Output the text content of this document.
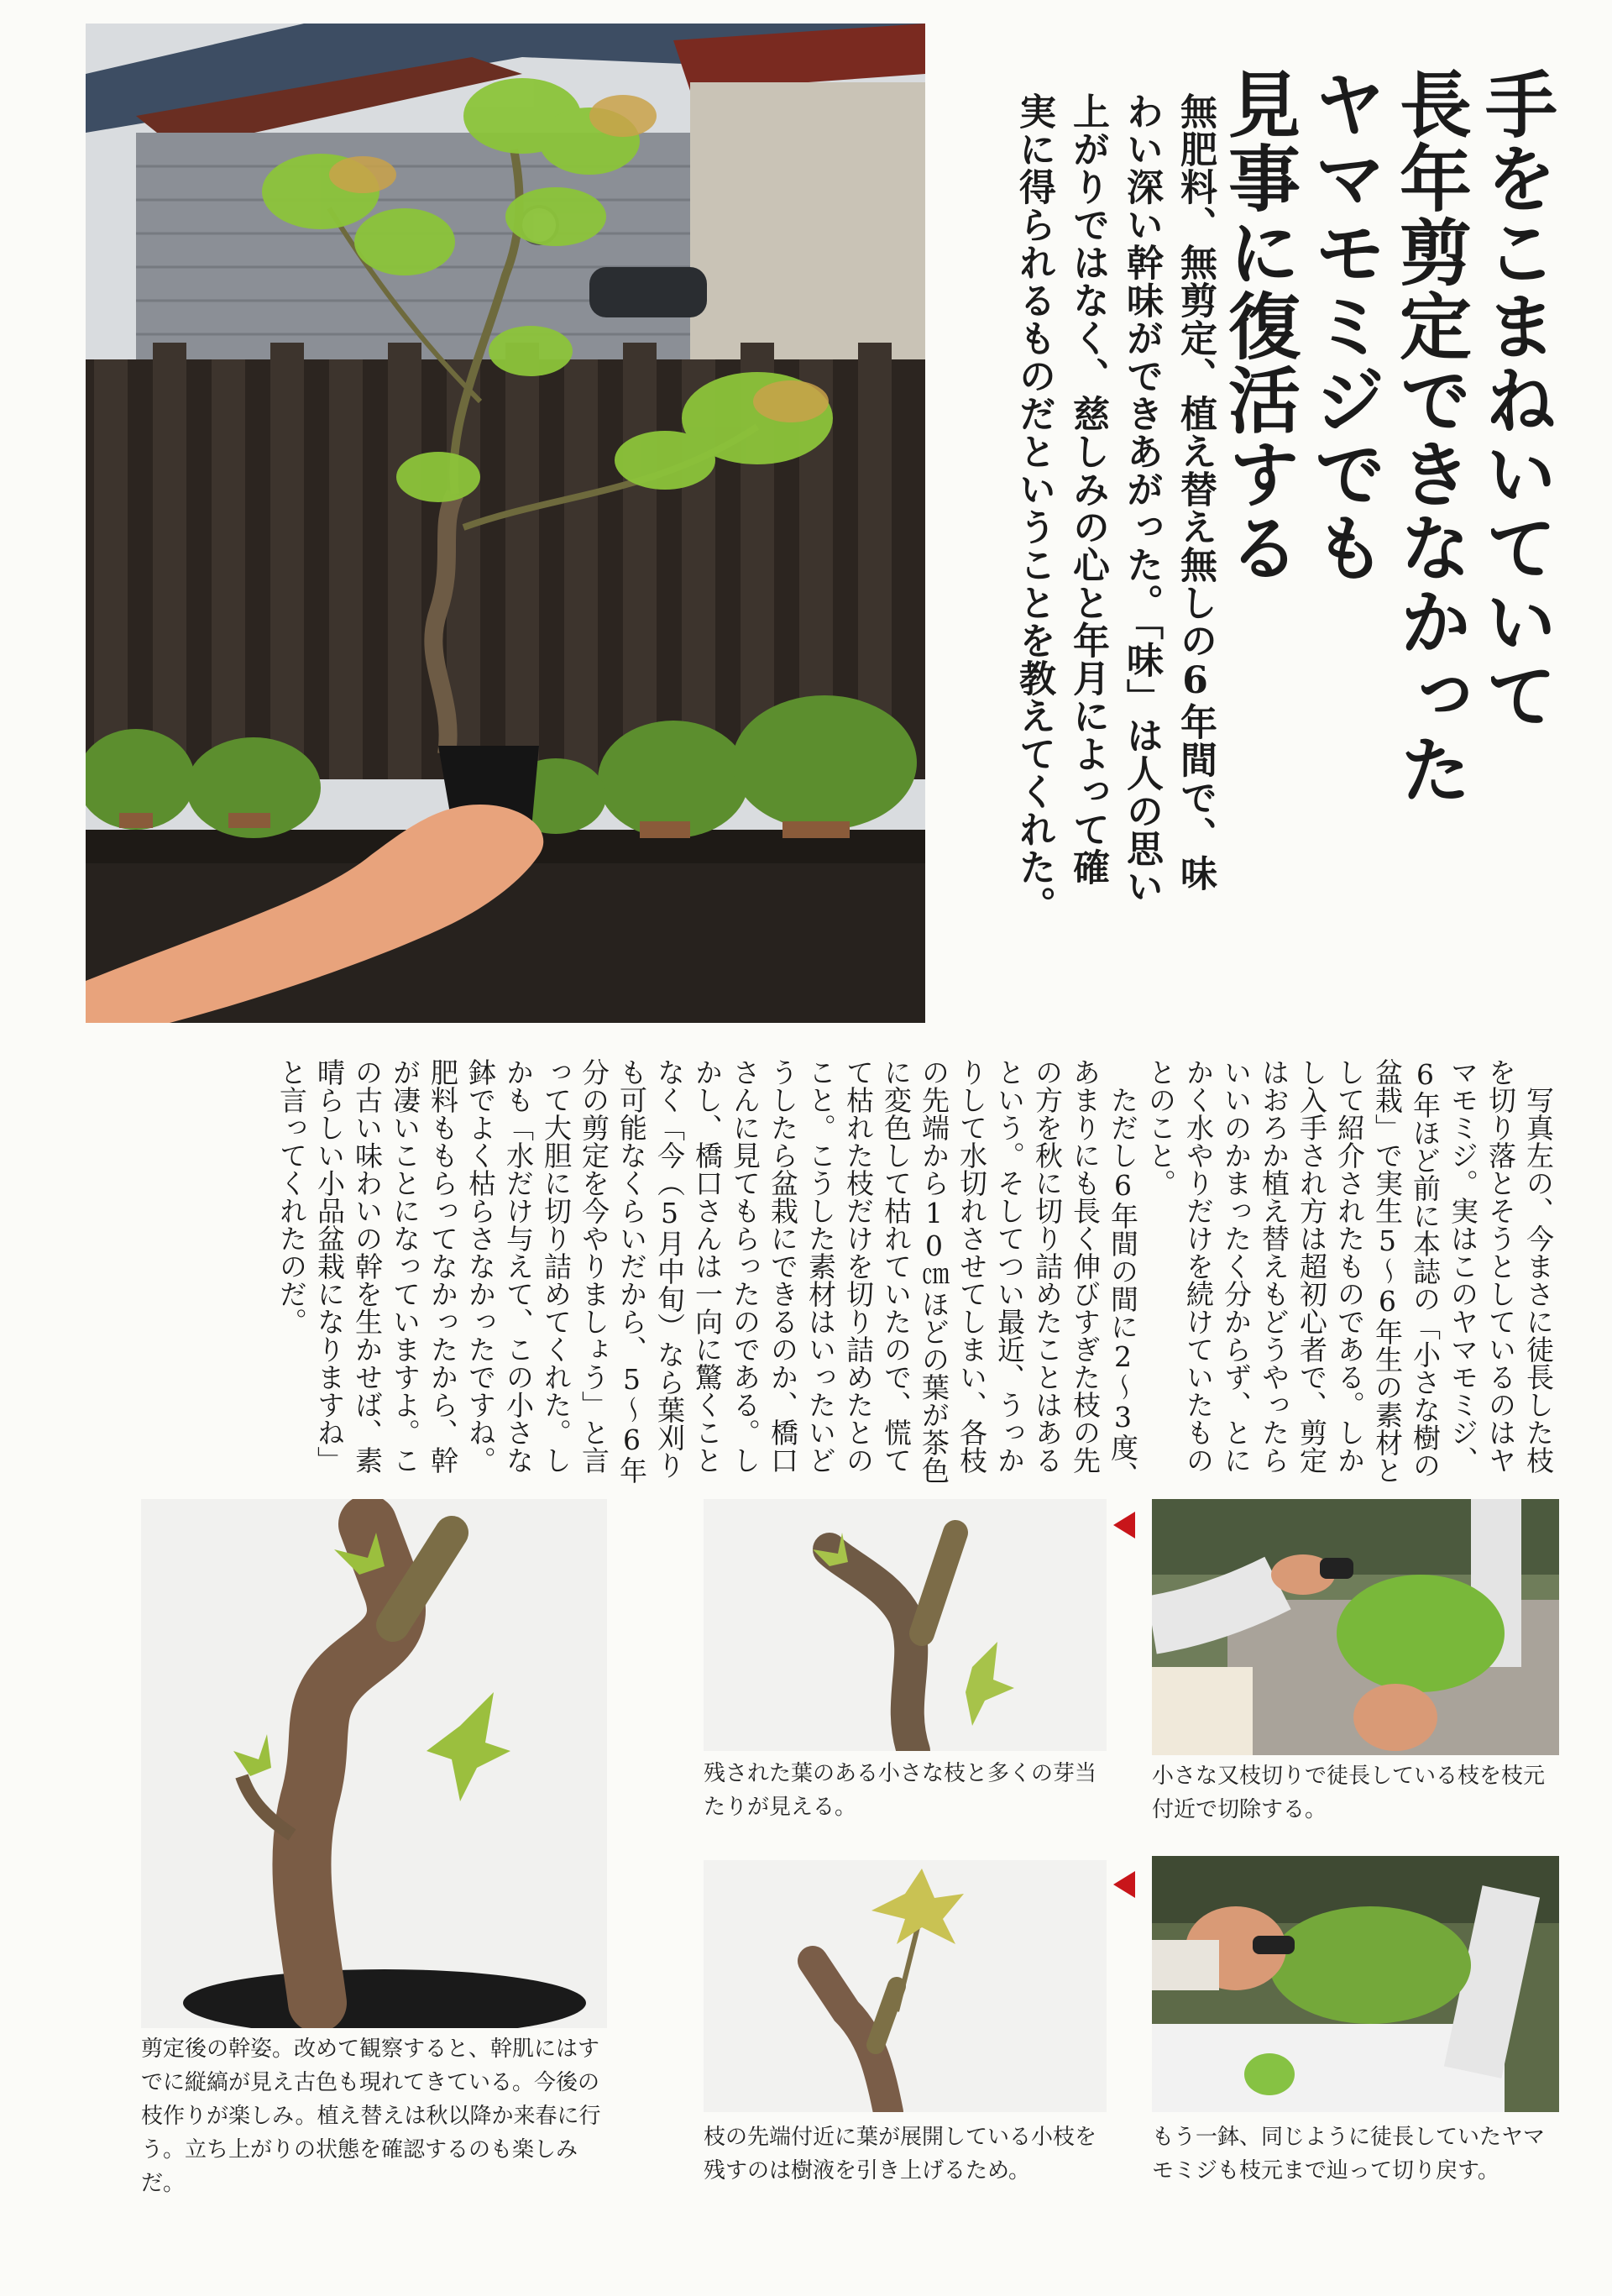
手をこまねいていて
長年剪定できなかった
ヤマモミジでも
見事に復活する
無肥料、無剪定、植え替え無しの6年間で、味
わい深い幹味ができあがった。「味」は人の思い
上がりではなく、慈しみの心と年月によって確
実に得られるものだということを教えてくれた。

写真左の、今まさに徒長した枝を切り落とそうとしているのはヤマモミジ。実はこのヤマモミジ、6年ほど前に本誌の「小さな樹の盆栽」で実生5～6年生の素材として紹介されたものである。しかし入手され方は超初心者で、剪定はおろか植え替えもどうやったらいいのかまったく分からず、とにかく水やりだけを続けていたものとのこと。

ただし6年間の間に2～3度、あまりにも長く伸びすぎた枝の先の方を秋に切り詰めたことはあるという。そしてつい最近、うっかりして水切れさせてしまい、各枝の先端から10㎝ほどの葉が茶色に変色して枯れていたので、慌てて枯れた枝だけを切り詰めたとのこと。こうした素材はいったいどうしたら盆栽にできるのか、橋口さんに見てもらったのである。しかし、橋口さんは一向に驚くことなく「今（5月中旬）なら葉刈りも可能なくらいだから、5～6年分の剪定を今やりましょう」と言って大胆に切り詰めてくれた。しかも「水だけ与えて、この小さな鉢でよく枯らさなかったですね。肥料ももらってなかったから、幹が凄いことになっていますよ。この古い味わいの幹を生かせば、素晴らしい小品盆栽になりますね」と言ってくれたのだ。

剪定後の幹姿。改めて観察すると、幹肌にはすでに縦縞が見え古色も現れてきている。今後の枝作りが楽しみ。植え替えは秋以降か来春に行う。立ち上がりの状態を確認するのも楽しみだ。

残された葉のある小さな枝と多くの芽当たりが見える。

枝の先端付近に葉が展開している小枝を残すのは樹液を引き上げるため。

小さな又枝切りで徒長している枝を枝元付近で切除する。

もう一鉢、同じように徒長していたヤマモミジも枝元まで辿って切り戻す。
